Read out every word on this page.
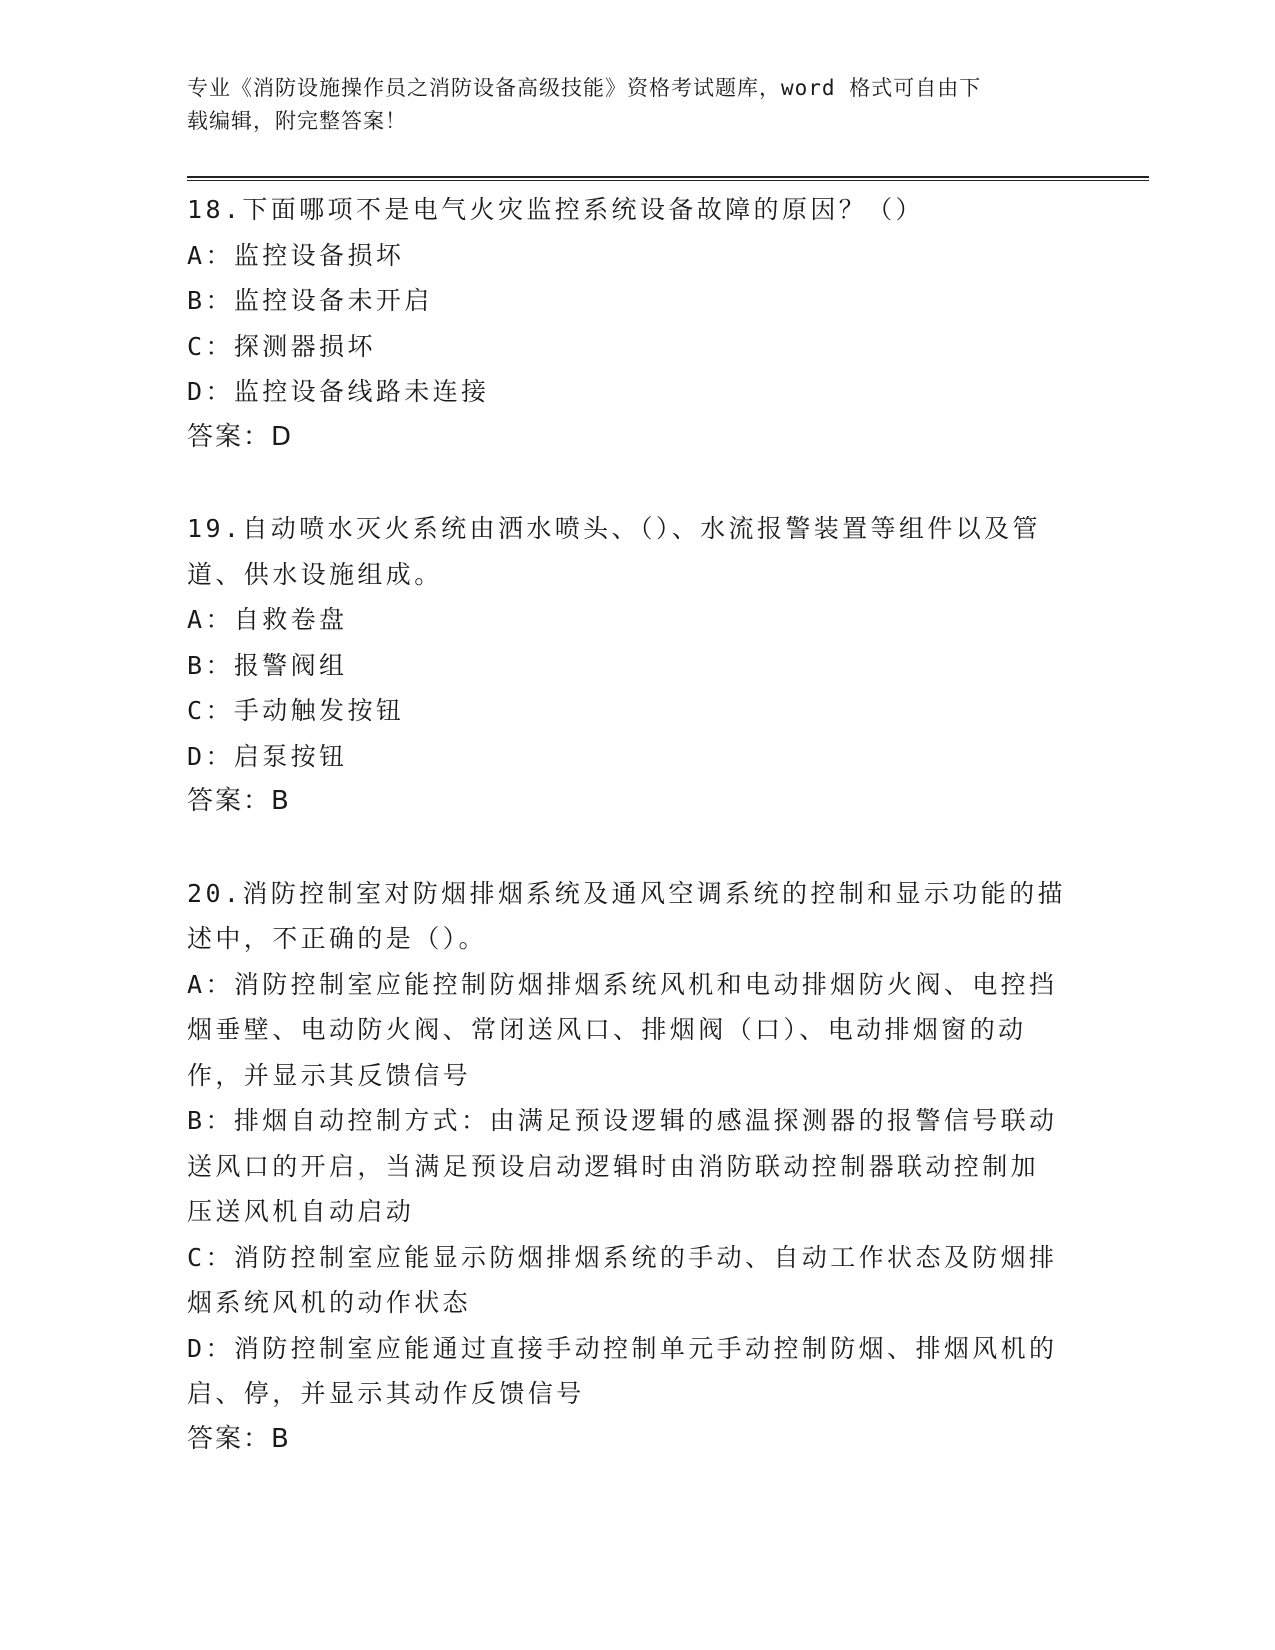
专业《消防设施操作员之消防设备高级技能》资格考试题库，word 格式可自由下
载编辑，附完整答案！

18.下面哪项不是电气火灾监控系统设备故障的原因？（）

A：监控设备损坏

B：监控设备未开启

C：探测器损坏

D：监控设备线路未连接

答案：D

19.自动喷水灭火系统由洒水喷头、（）、水流报警装置等组件以及管

道、供水设施组成。

A：自救卷盘

B：报警阀组

C：手动触发按钮

D：启泵按钮

答案：B

20.消防控制室对防烟排烟系统及通风空调系统的控制和显示功能的描

述中，不正确的是（）。

A：消防控制室应能控制防烟排烟系统风机和电动排烟防火阀、电控挡

烟垂壁、电动防火阀、常闭送风口、排烟阀（口）、电动排烟窗的动

作，并显示其反馈信号

B：排烟自动控制方式：由满足预设逻辑的感温探测器的报警信号联动

送风口的开启，当满足预设启动逻辑时由消防联动控制器联动控制加

压送风机自动启动

C：消防控制室应能显示防烟排烟系统的手动、自动工作状态及防烟排

烟系统风机的动作状态

D：消防控制室应能通过直接手动控制单元手动控制防烟、排烟风机的

启、停，并显示其动作反馈信号

答案：B
